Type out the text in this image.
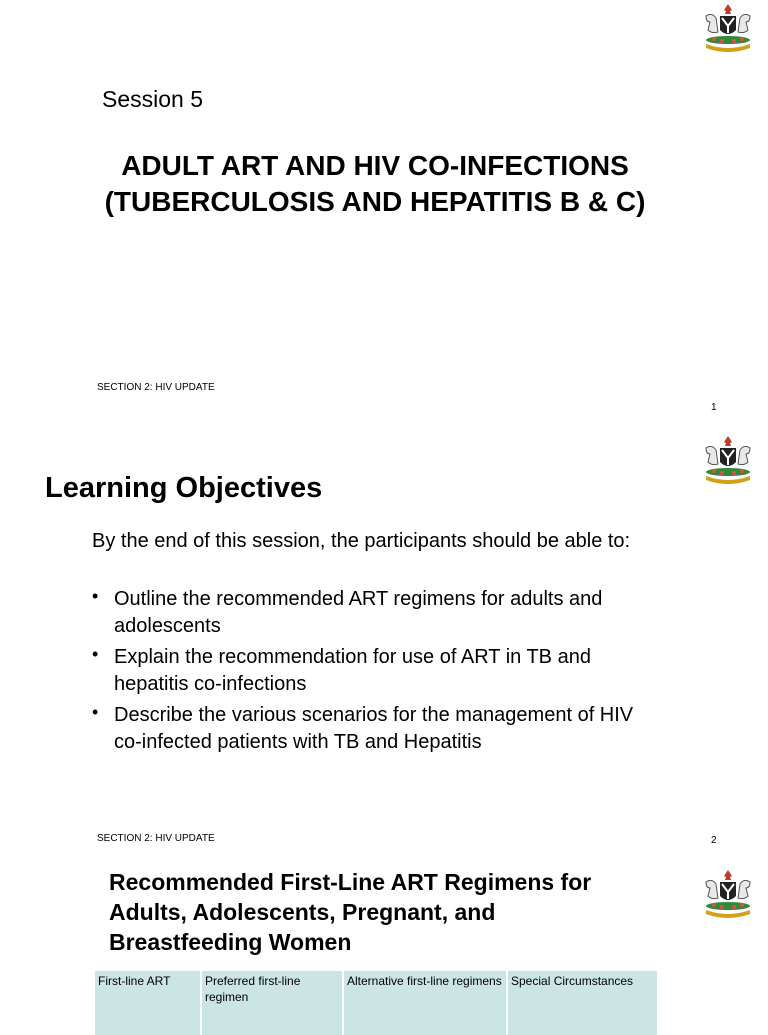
Session 5
ADULT ART AND HIV CO-INFECTIONS (TUBERCULOSIS AND HEPATITIS B & C)
SECTION 2: HIV UPDATE
1
Learning Objectives
By the end of this session, the participants should be able to:
• Outline the recommended ART regimens for adults and adolescents
• Explain the recommendation for use of ART in TB and hepatitis co-infections
• Describe the various scenarios for the management of HIV co-infected patients with TB and Hepatitis
SECTION 2: HIV UPDATE	2
Recommended First-Line ART Regimens for Adults, Adolescents, Pregnant, and Breastfeeding Women
First-line ART	Preferred first-line regimen	Alternative first-line regimens	Special Circumstances
